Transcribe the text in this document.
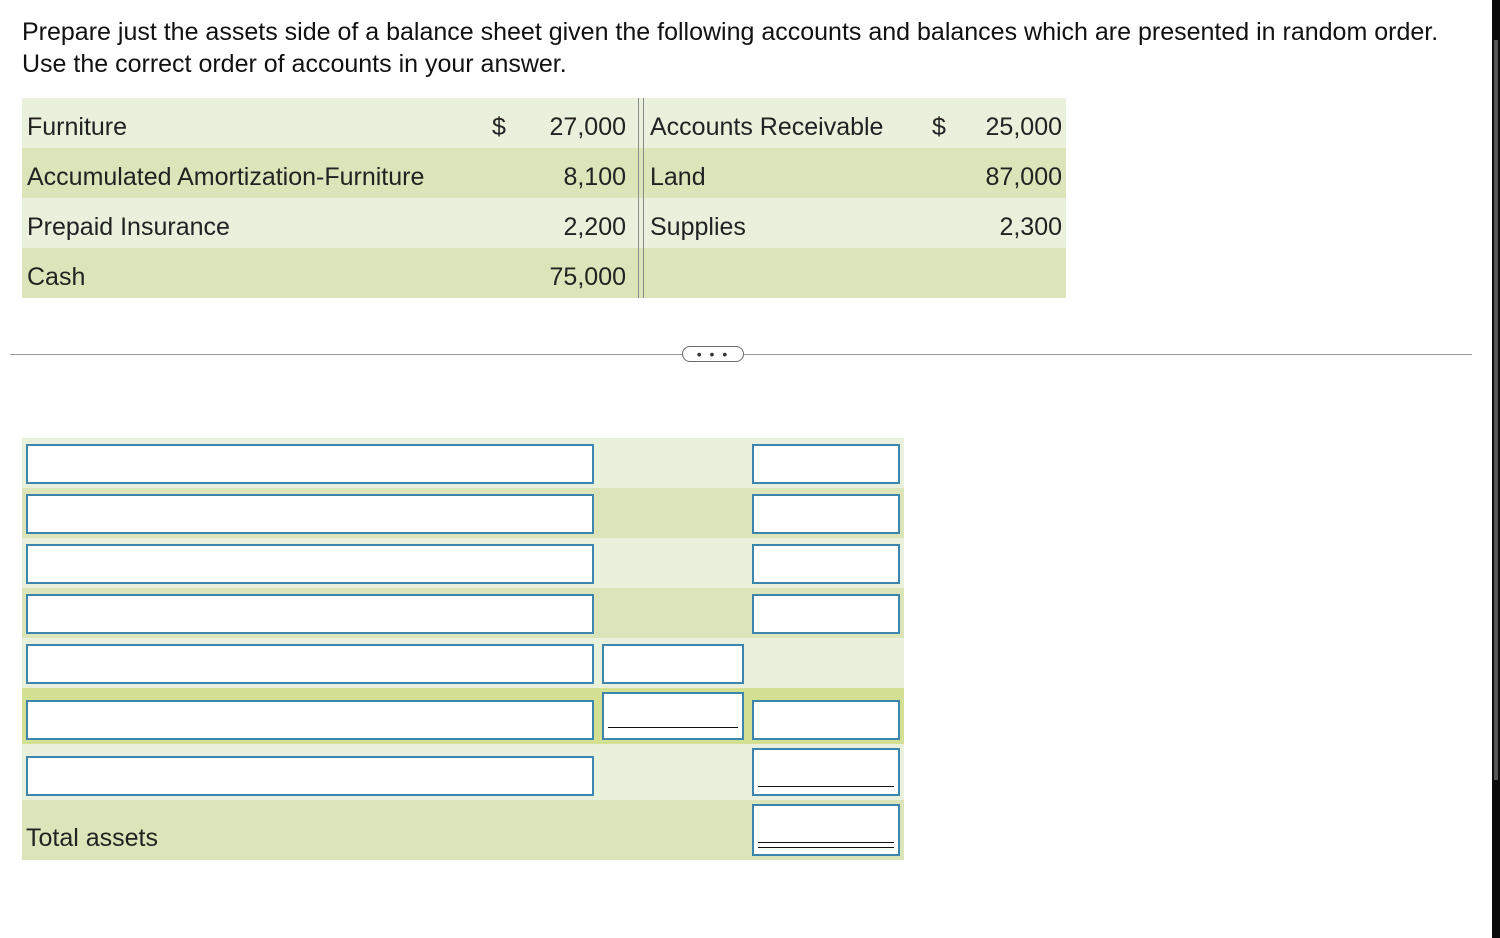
Prepare just the assets side of a balance sheet given the following accounts and balances which are presented in random order. Use the correct order of accounts in your answer.

Furniture	$ 27,000 Accounts Receivable $ 25,000
Accumulated Amortization-Furniture	8,100 Land	87,000
Prepaid Insurance	2,200 Supplies	2,300
Cash	75,000
• • •
Total assets
